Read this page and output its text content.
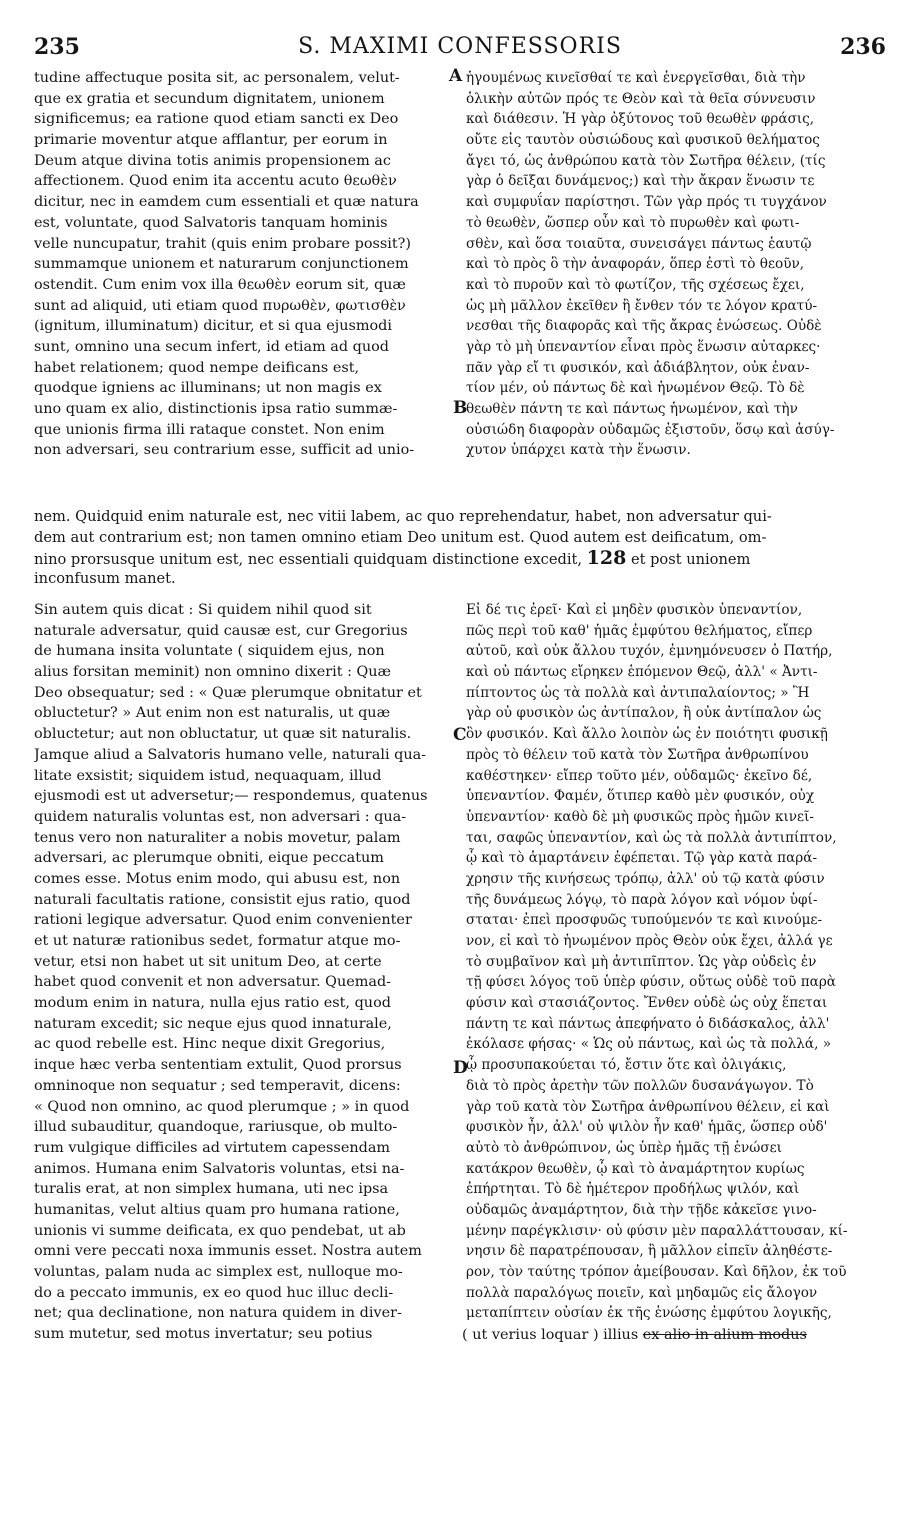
235	S. MAXIMI CONFESSORIS	236
A
B
C
D
tudine affectuque posita sit, ac personalem, velut-
que ex gratia et secundum dignitatem, unionem
significemus; ea ratione quod etiam sancti ex Deo
primarie moventur atque afflantur, per eorum in
Deum atque divina totis animis propensionem ac
affectionem. Quod enim ita accentu acuto θεωθὲν
dicitur, nec in eamdem cum essentiali et quæ natura
est, voluntate, quod Salvatoris tanquam hominis
velle nuncupatur, trahit (quis enim probare possit?)
summamque unionem et naturarum conjunctionem
ostendit. Cum enim vox illa θεωθὲν eorum sit, quæ
sunt ad aliquid, uti etiam quod πυρωθὲν, φωτισθὲν
(ignitum, illuminatum) dicitur, et si qua ejusmodi
sunt, omnino una secum infert, id etiam ad quod
habet relationem; quod nempe deificans est,
quodque igniens ac illuminans; ut non magis ex
uno quam ex alio, distinctionis ipsa ratio summæ-
que unionis firma illi rataque constet. Non enim
non adversari, seu contrarium esse, sufficit ad unio-
ἡγουμένως κινεῖσθαί τε καὶ ἐνεργεῖσθαι, διὰ τὴν
ὁλικὴν αὐτῶν πρός τε Θεὸν καὶ τὰ θεῖα σύννευσιν
καὶ διάθεσιν. Ἡ γὰρ ὀξύτονος τοῦ θεωθὲν φράσις,
οὔτε εἰς ταυτὸν οὐσιώδους καὶ φυσικοῦ θελήματος
ἄγει τό, ὡς ἀνθρώπου κατὰ τὸν Σωτῆρα θέλειν, (τίς
γὰρ ὁ δεῖξαι δυνάμενος;) καὶ τὴν ἄκραν ἕνωσιν τε
καὶ συμφυΐαν παρίστησι. Τῶν γὰρ πρός τι τυγχάνον
τὸ θεωθὲν, ὥσπερ οὖν καὶ τὸ πυρωθὲν καὶ φωτι-
σθὲν, καὶ ὅσα τοιαῦτα, συνεισάγει πάντως ἑαυτῷ
καὶ τὸ πρὸς ὃ τὴν ἀναφοράν, ὅπερ ἐστὶ τὸ θεοῦν,
καὶ τὸ πυροῦν καὶ τὸ φωτίζον, τῆς σχέσεως ἔχει,
ὡς μὴ μᾶλλον ἐκεῖθεν ἢ ἔνθεν τόν τε λόγον κρατύ-
νεσθαι τῆς διαφορᾶς καὶ τῆς ἄκρας ἑνώσεως. Οὐδὲ
γὰρ τὸ μὴ ὑπεναντίον εἶναι πρὸς ἕνωσιν αὐταρκες·
πᾶν γὰρ εἴ τι φυσικόν, καὶ ἀδιάβλητον, οὐκ ἐναν-
τίον μέν, οὐ πάντως δὲ καὶ ἡνωμένον Θεῷ. Τὸ δὲ
θεωθὲν πάντη τε καὶ πάντως ἡνωμένον, καὶ τὴν
οὐσιώδη διαφορὰν οὐδαμῶς ἐξιστοῦν, ὅσῳ καὶ ἀσύγ-
χυτον ὑπάρχει κατὰ τὴν ἕνωσιν.
nem. Quidquid enim naturale est, nec vitii labem, ac quo reprehendatur, habet, non adversatur qui-
dem aut contrarium est; non tamen omnino etiam Deo unitum est. Quod autem est deificatum, om-
nino prorsusque unitum est, nec essentiali quidquam distinctione excedit, 128 et post unionem
inconfusum manet.
Sin autem quis dicat : Si quidem nihil quod sit
naturale adversatur, quid causæ est, cur Gregorius
de humana insita voluntate ( siquidem ejus, non
alius forsitan meminit) non omnino dixerit : Quæ
Deo obsequatur; sed : « Quæ plerumque obnitatur et
obluctetur? » Aut enim non est naturalis, ut quæ
obluctetur; aut non obluctatur, ut quæ sit naturalis.
Jamque aliud a Salvatoris humano velle, naturali qua-
litate exsistit; siquidem istud, nequaquam, illud
ejusmodi est ut adversetur;— respondemus, quatenus
quidem naturalis voluntas est, non adversari : qua-
tenus vero non naturaliter a nobis movetur, palam
adversari, ac plerumque obniti, eique peccatum
comes esse. Motus enim modo, qui abusu est, non
naturali facultatis ratione, consistit ejus ratio, quod
rationi legique adversatur. Quod enim convenienter
et ut naturæ rationibus sedet, formatur atque mo-
vetur, etsi non habet ut sit unitum Deo, at certe
habet quod convenit et non adversatur. Quemad-
modum enim in natura, nulla ejus ratio est, quod
naturam excedit; sic neque ejus quod innaturale,
ac quod rebelle est. Hinc neque dixit Gregorius,
inque hæc verba sententiam extulit, Quod prorsus
omninoque non sequatur ; sed temperavit, dicens:
« Quod non omnino, ac quod plerumque ; » in quod
illud subauditur, quandoque, rariusque, ob multo-
rum vulgique difficiles ad virtutem capessendam
animos. Humana enim Salvatoris voluntas, etsi na-
turalis erat, at non simplex humana, uti nec ipsa
humanitas, velut altius quam pro humana ratione,
unionis vi summe deificata, ex quo pendebat, ut ab
omni vere peccati noxa immunis esset. Nostra autem
voluntas, palam nuda ac simplex est, nulloque mo-
do a peccato immunis, ex eo quod huc illuc decli-
net; qua declinatione, non natura quidem in diver-
sum mutetur, sed motus invertatur; seu potius
Εἰ δέ τις ἐρεῖ· Καὶ εἰ μηδὲν φυσικὸν ὑπεναντίον,
πῶς περὶ τοῦ καθ' ἡμᾶς ἐμφύτου θελήματος, εἴπερ
αὐτοῦ, καὶ οὐκ ἄλλου τυχόν, ἐμνημόνευσεν ὁ Πατήρ,
καὶ οὐ πάντως εἴρηκεν ἑπόμενον Θεῷ, ἀλλ' « Ἀντι-
πίπτοντος ὡς τὰ πολλὰ καὶ ἀντιπαλαίοντος; » Ἢ
γὰρ οὐ φυσικὸν ὡς ἀντίπαλον, ἢ οὐκ ἀντίπαλον ὡς
ὂν φυσικόν. Καὶ ἄλλο λοιπὸν ὡς ἐν ποιότητι φυσικῇ
πρὸς τὸ θέλειν τοῦ κατὰ τὸν Σωτῆρα ἀνθρωπίνου
καθέστηκεν· εἴπερ τοῦτο μέν, οὐδαμῶς· ἐκεῖνο δέ,
ὑπεναντίον. Φαμέν, ὅτιπερ καθὸ μὲν φυσικόν, οὐχ
ὑπεναντίον· καθὸ δὲ μὴ φυσικῶς πρὸς ἡμῶν κινεῖ-
ται, σαφῶς ὑπεναντίον, καὶ ὡς τὰ πολλὰ ἀντιπίπτον,
ᾧ καὶ τὸ ἁμαρτάνειν ἐφέπεται. Τῷ γὰρ κατὰ παρά-
χρησιν τῆς κινήσεως τρόπῳ, ἀλλ' οὐ τῷ κατὰ φύσιν
τῆς δυνάμεως λόγῳ, τὸ παρὰ λόγον καὶ νόμον ὑφί-
σταται· ἐπεὶ προσφυῶς τυπούμενόν τε καὶ κινούμε-
νον, εἰ καὶ τὸ ἡνωμένον πρὸς Θεὸν οὐκ ἔχει, ἀλλά γε
τὸ συμβαῖνον καὶ μὴ ἀντιπῖπτον. Ὡς γὰρ οὐδεὶς ἐν
τῇ φύσει λόγος τοῦ ὑπὲρ φύσιν, οὕτως οὐδὲ τοῦ παρὰ
φύσιν καὶ στασιάζοντος. Ἔνθεν οὐδὲ ὡς οὐχ ἕπεται
πάντη τε καὶ πάντως ἀπεφήνατο ὁ διδάσκαλος, ἀλλ'
ἐκόλασε φήσας· « Ὡς οὐ πάντως, καὶ ὡς τὰ πολλά, »
ᾧ προσυπακούεται τό, ἔστιν ὅτε καὶ ὀλιγάκις,
διὰ τὸ πρὸς ἀρετὴν τῶν πολλῶν δυσανάγωγον. Τὸ
γὰρ τοῦ κατὰ τὸν Σωτῆρα ἀνθρωπίνου θέλειν, εἰ καὶ
φυσικὸν ἦν, ἀλλ' οὐ ψιλὸν ἦν καθ' ἡμᾶς, ὥσπερ οὐδ'
αὐτὸ τὸ ἀνθρώπινον, ὡς ὑπὲρ ἡμᾶς τῇ ἑνώσει
κατάκρον θεωθὲν, ᾧ καὶ τὸ ἀναμάρτητον κυρίως
ἐπήρτηται. Τὸ δὲ ἡμέτερον προδήλως ψιλόν, καὶ
οὐδαμῶς ἀναμάρτητον, διὰ τὴν τῇδε κἀκεῖσε γινο-
μένην παρέγκλισιν· οὐ φύσιν μὲν παραλλάττουσαν, κί-
νησιν δὲ παρατρέπουσαν, ἢ μᾶλλον εἰπεῖν ἀληθέστε-
ρον, τὸν ταύτης τρόπον ἀμείβουσαν. Καὶ δῆλον, ἐκ τοῦ
πολλὰ παραλόγως ποιεῖν, καὶ μηδαμῶς εἰς ἄλογον
μεταπίπτειν οὐσίαν ἐκ τῆς ἑνώσης ἐμφύτου λογικῆς,
( ut verius loquar ) illius ex alio in alium modus
